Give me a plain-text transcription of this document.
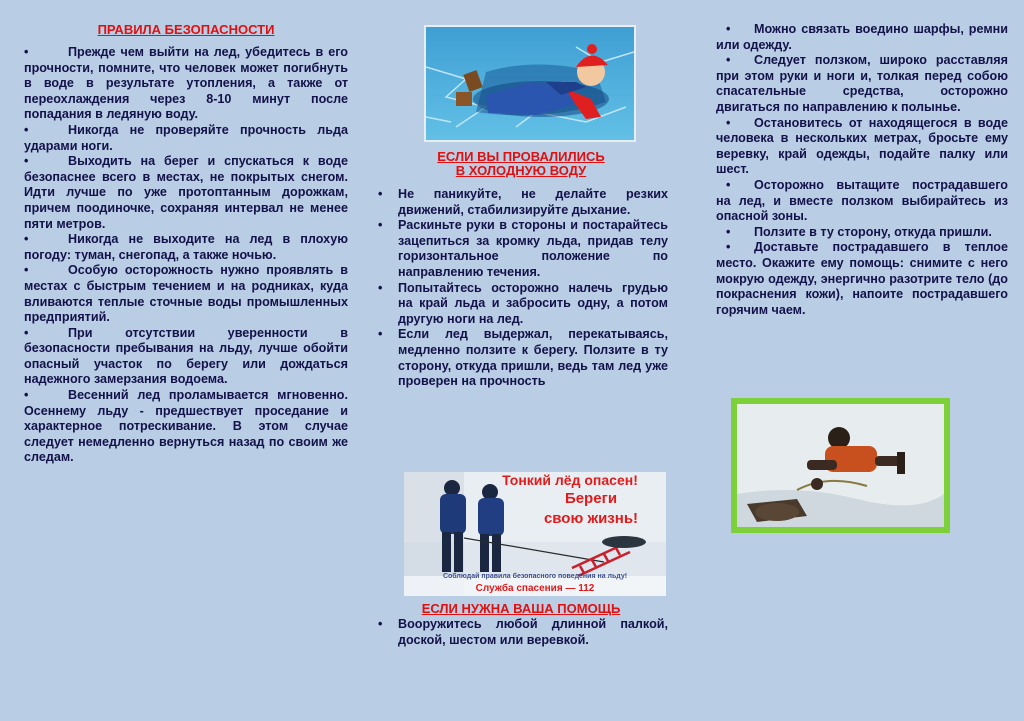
ПРАВИЛА БЕЗОПАСНОСТИ

•	Прежде чем выйти на лед, убедитесь в его прочности, помните, что человек может погибнуть в воде в результате утопления, а также от переохлаждения через 8-10 минут после попадания в ледяную воду.

•	Никогда не проверяйте прочность льда ударами ноги.

•	Выходить на берег и спускаться к воде безопаснее всего в местах, не покрытых снегом. Идти лучше по уже протоптанным дорожкам, причем поодиночке, сохраняя интервал не менее пяти метров.

•	Никогда не выходите на лед в плохую погоду: туман, снегопад, а также ночью.

•	Особую осторожность нужно проявлять в местах с быстрым течением и на родниках, куда вливаются теплые сточные воды промышленных предприятий.

•	При отсутствии уверенности в безопасности пребывания на льду, лучше обойти опасный участок по берегу или дождаться надежного замерзания водоема.

•	Весенний лед проламывается мгновенно. Осеннему льду - предшествует проседание и характерное потрескивание. В этом случае следует немедленно вернуться назад по своим же следам.

ЕСЛИ ВЫ ПРОВАЛИЛИСЬ
В ХОЛОДНУЮ ВОДУ

• Не паникуйте, не делайте резких движений, стабилизируйте дыхание.
• Раскиньте руки в стороны и постарайтесь зацепиться за кромку льда, придав телу горизонтальное положение по направлению течения.
• Попытайтесь осторожно налечь грудью на край льда и забросить одну, а потом другую ноги на лед.
• Если лед выдержал, перекатываясь, медленно ползите к берегу. Ползите в ту сторону, откуда пришли, ведь там лед уже проверен на прочность
Тонкий лёд опасен!
Береги
свою жизнь!
Соблюдай правила безопасного поведения на льду!
Служба спасения — 112

ЕСЛИ НУЖНА ВАША ПОМОЩЬ

• Вооружитесь любой длинной палкой, доской, шестом или веревкой.

• Можно связать воедино шарфы, ремни или одежду.

• Следует ползком, широко расставляя при этом руки и ноги и, толкая перед собою спасательные средства, осторожно двигаться по направлению к полынье.

• Остановитесь от находящегося в воде человека в нескольких метрах, бросьте ему веревку, край одежды, подайте палку или шест.

• Осторожно вытащите пострадавшего на лед, и вместе ползком выбирайтесь из опасной зоны.

• Ползите в ту сторону, откуда пришли.

• Доставьте пострадавшего в теплое место. Окажите ему помощь: снимите с него мокрую одежду, энергично разотрите тело (до покраснения кожи), напоите пострадавшего горячим чаем.
